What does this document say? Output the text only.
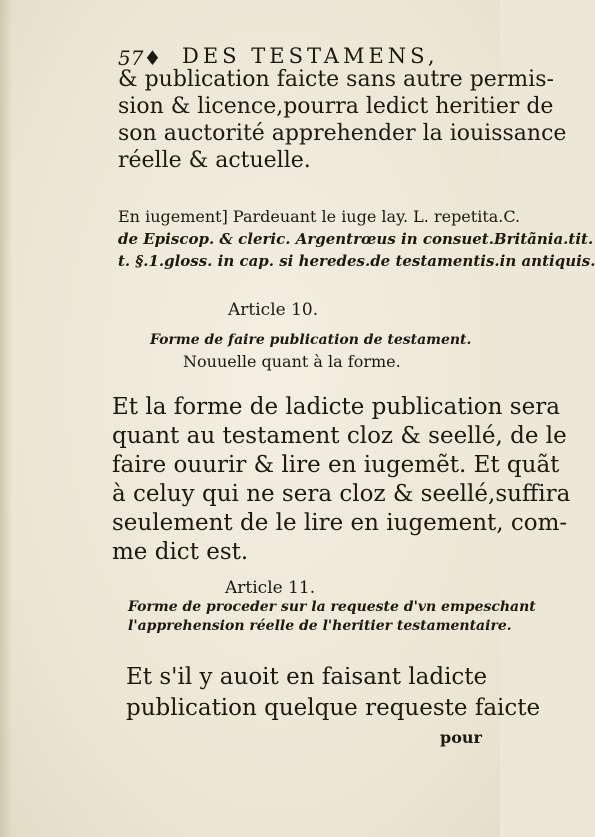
57♦ DES TESTAMENS,
& publication faicte sans autre permis-
sion & licence,pourra ledict heritier de
son auctorité apprehender la iouissance
réelle & actuelle.
En iugement] Pardeuant le iuge lay. L. repetita.C.
de Episcop. & cleric. Argentrœus in consuet.Britãnia.tit.
t. §.1.gloss. in cap. si heredes.de testamentis.in antiquis.
Article 10.
Forme de faire publication de testament.
Nouuelle quant à la forme.
Et la forme de ladicte publication sera
quant au testament cloz & seellé, de le
faire ouurir & lire en iugemẽt. Et quãt
à celuy qui ne sera cloz & seellé,suffira
seulement de le lire en iugement, com-
me dict est.
Article 11.
Forme de proceder sur la requeste d'vn empeschant
l'apprehension réelle de l'heritier testamentaire.
Et s'il y auoit en faisant ladicte
publication quelque requeste faicte
pour
